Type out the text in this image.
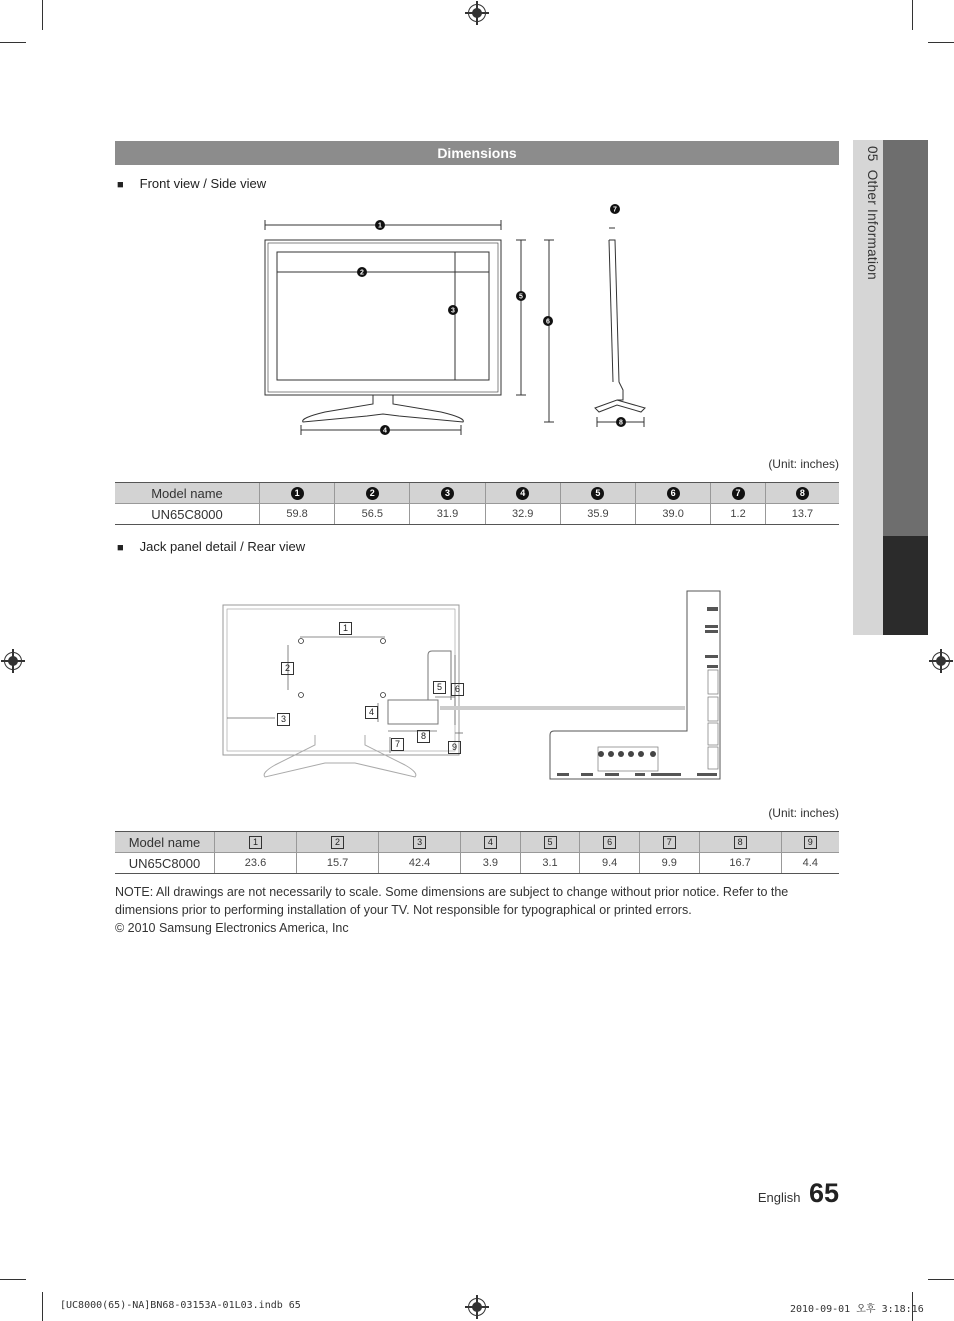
05  Other Information
Dimensions
■ Front view / Side view
1
2
3
4
5
6
7
8
(Unit: inches)
Model name	1	2	3	4	5	6	7	8
UN65C8000	59.8	56.5	31.9	32.9	35.9	39.0	1.2	13.7
■ Jack panel detail / Rear view
1
2
3
4
5	6
7
8
9
(Unit: inches)
Model name	1	2	3	4	5	6	7	8	9
UN65C8000	23.6	15.7	42.4	3.9	3.1	9.4	9.9	16.7	4.4
NOTE: All drawings are not necessarily to scale. Some dimensions are subject to change without prior notice. Refer to the dimensions prior to performing installation of your TV. Not responsible for typographical or printed errors.
© 2010 Samsung Electronics America, Inc
English 65
[UC8000(65)-NA]BN68-03153A-01L03.indb 65	2010-09-01 오후 3:18:16
